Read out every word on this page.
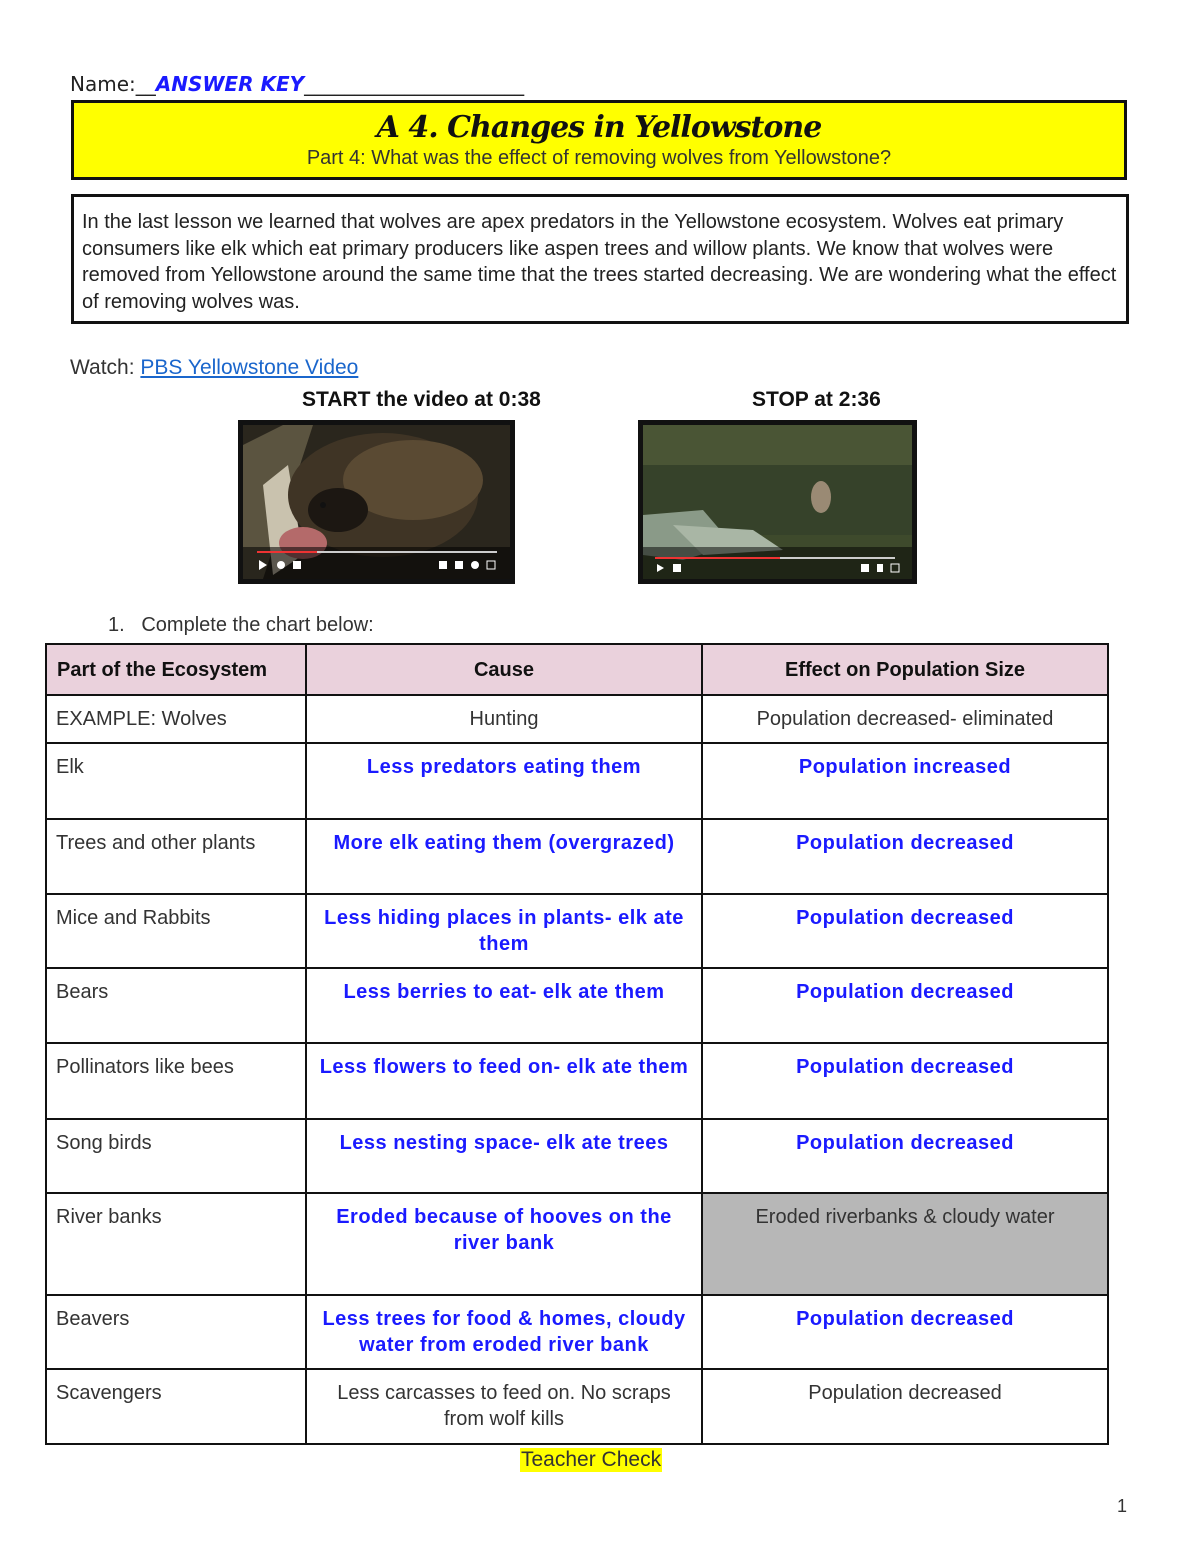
Name:__ANSWER KEY______________________
A 4. Changes in Yellowstone
Part 4: What was the effect of removing wolves from Yellowstone?
In the last lesson we learned that wolves are apex predators in the Yellowstone ecosystem. Wolves eat primary consumers like elk which eat primary producers like aspen trees and willow plants. We know that wolves were removed from Yellowstone around the same time that the trees started decreasing. We are wondering what the effect of removing wolves was.
Watch: PBS Yellowstone Video
START the video at 0:38	STOP at 2:36
1. Complete the chart below:
Part of the Ecosystem	Cause	Effect on Population Size
EXAMPLE: Wolves	Hunting	Population decreased- eliminated
Elk	Less predators eating them	Population increased
Trees and other plants	More elk eating them (overgrazed)	Population decreased
Mice and Rabbits	Less hiding places in plants- elk ate them	Population decreased
Bears	Less berries to eat- elk ate them	Population decreased
Pollinators like bees	Less flowers to feed on- elk ate them	Population decreased
Song birds	Less nesting space- elk ate trees	Population decreased
River banks	Eroded because of hooves on the river bank	Eroded riverbanks & cloudy water
Beavers	Less trees for food & homes, cloudy water from eroded river bank	Population decreased
Scavengers	Less carcasses to feed on. No scraps from wolf kills	Population decreased
Teacher Check
1
